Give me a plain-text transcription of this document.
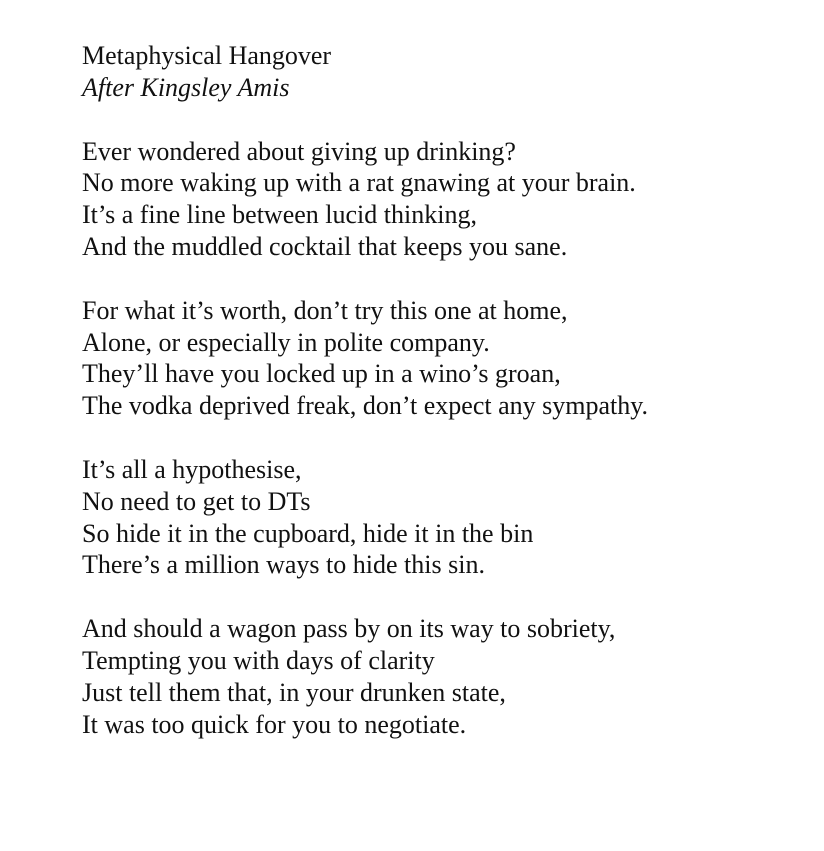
Metaphysical Hangover
After Kingsley Amis
Ever wondered about giving up drinking?
No more waking up with a rat gnawing at your brain.
It’s a fine line between lucid thinking,
And the muddled cocktail that keeps you sane.
For what it’s worth, don’t try this one at home,
Alone, or especially in polite company.
They’ll have you locked up in a wino’s groan,
The vodka deprived freak, don’t expect any sympathy.
It’s all a hypothesise,
No need to get to DTs
So hide it in the cupboard, hide it in the bin
There’s a million ways to hide this sin.
And should a wagon pass by on its way to sobriety,
Tempting you with days of clarity
Just tell them that, in your drunken state,
It was too quick for you to negotiate.
